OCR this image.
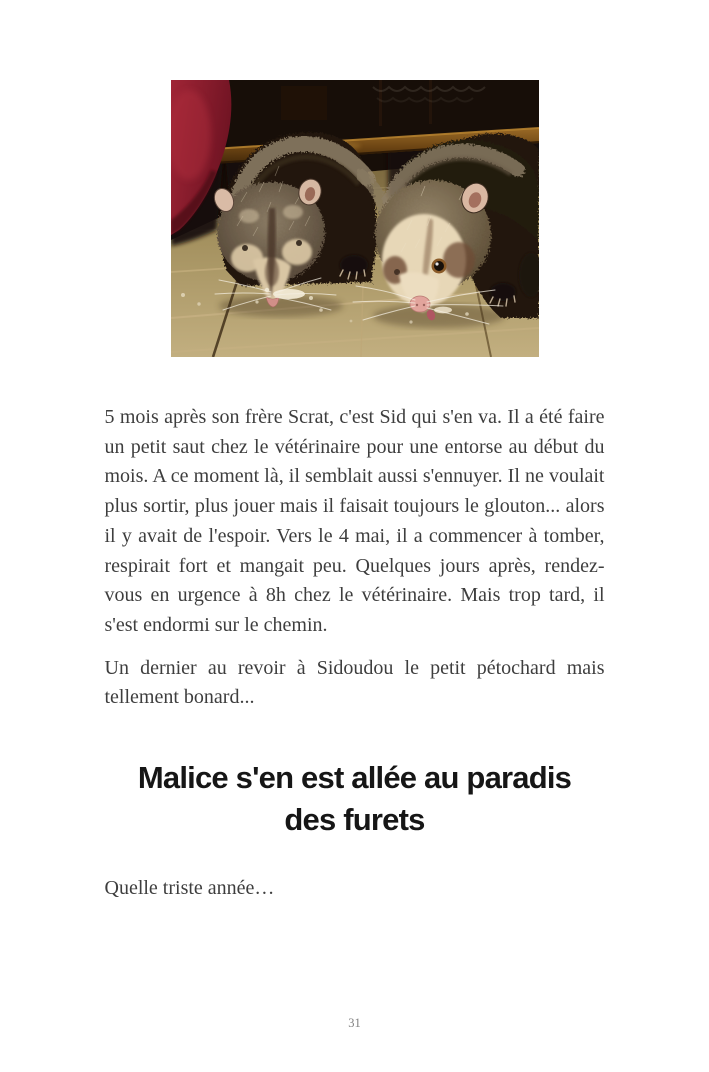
5 mois après son frère Scrat, c'est Sid qui s'en va. Il a été faire un petit saut chez le vétérinaire pour une entorse au début du mois. A ce moment là, il semblait aussi s'ennuyer. Il ne voulait plus sortir, plus jouer mais il faisait toujours le glouton... alors il y avait de l'espoir. Vers le 4 mai, il a commencer à tomber, respirait fort et mangait peu. Quelques jours après, rendez-vous en urgence à 8h chez le vétérinaire. Mais trop tard, il s'est endormi sur le chemin.

Un dernier au revoir à Sidoudou le petit pétochard mais tellement bonard...

Malice s'en est allée au paradis
des furets

Quelle triste année…

31
